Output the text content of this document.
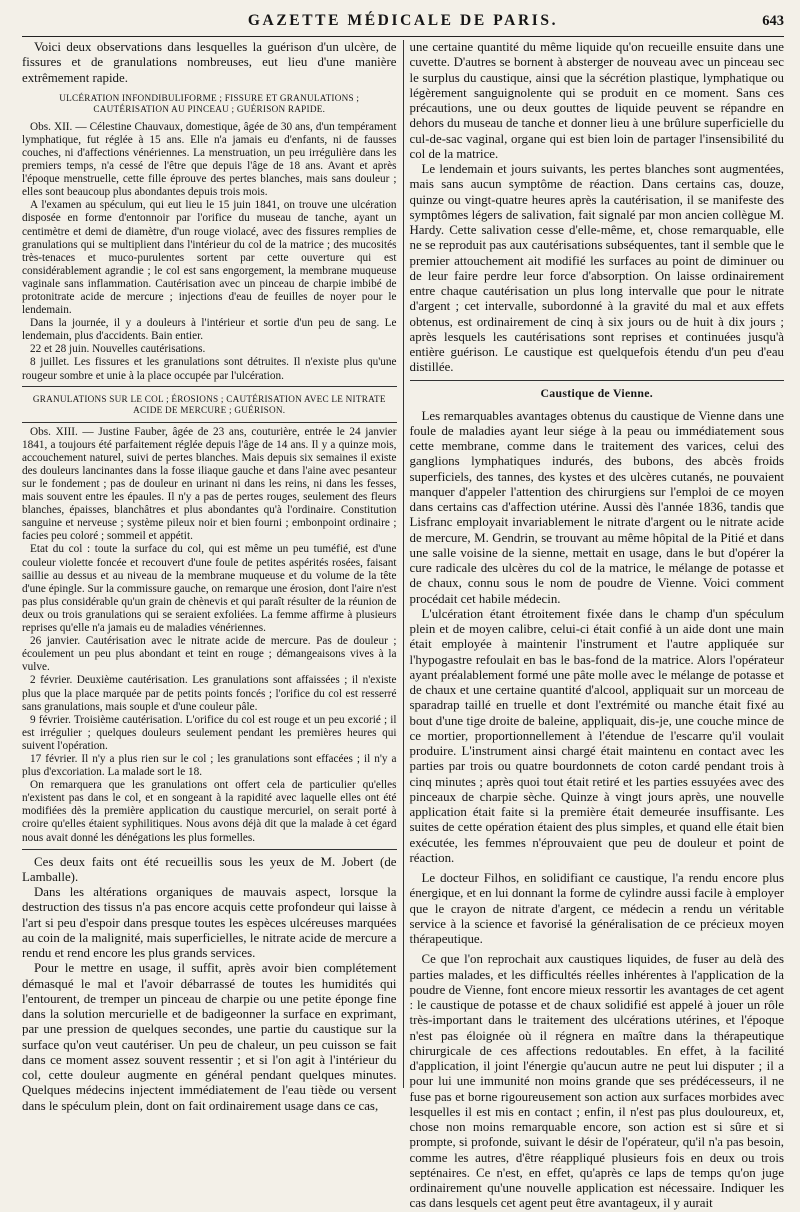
GAZETTE MÉDICALE DE PARIS.	643

Voici deux observations dans lesquelles la guérison d'un ulcère, de fissures et de granulations nombreuses, eut lieu d'une manière extrêmement rapide.

ULCÉRATION INFONDIBULIFORME ; FISSURE ET GRANULATIONS ; CAUTÉRISATION AU PINCEAU ; GUÉRISON RAPIDE.

Obs. XII. — Célestine Chauvaux, domestique, âgée de 30 ans, d'un tempérament lymphatique, fut réglée à 15 ans. Elle n'a jamais eu d'enfants, ni de fausses couches, ni d'affections vénériennes. La menstruation, un peu irrégulière dans les premiers temps, n'a cessé de l'être que depuis l'âge de 18 ans. Avant et après l'époque menstruelle, cette fille éprouve des pertes blanches, mais sans douleur ; elles sont beaucoup plus abondantes depuis trois mois.

A l'examen au spéculum, qui eut lieu le 15 juin 1841, on trouve une ulcération disposée en forme d'entonnoir par l'orifice du museau de tanche, ayant un centimètre et demi de diamètre, d'un rouge violacé, avec des fissures remplies de granulations qui se multiplient dans l'intérieur du col de la matrice ; des mucosités très-tenaces et muco-purulentes sortent par cette ouverture qui est considérablement agrandie ; le col est sans engorgement, la membrane muqueuse vaginale sans inflammation. Cautérisation avec un pinceau de charpie imbibé de protonitrate acide de mercure ; injections d'eau de feuilles de noyer pour le lendemain.

Dans la journée, il y a douleurs à l'intérieur et sortie d'un peu de sang. Le lendemain, plus d'accidents. Bain entier.

22 et 28 juin. Nouvelles cautérisations.

8 juillet. Les fissures et les granulations sont détruites. Il n'existe plus qu'une rougeur sombre et unie à la place occupée par l'ulcération.

GRANULATIONS SUR LE COL ; ÉROSIONS ; CAUTÉRISATION AVEC LE NITRATE ACIDE DE MERCURE ; GUÉRISON.

Obs. XIII. — Justine Fauber, âgée de 23 ans, couturière, entrée le 24 janvier 1841, a toujours été parfaitement réglée depuis l'âge de 14 ans. Il y a quinze mois, accouchement naturel, suivi de pertes blanches. Mais depuis six semaines il existe des douleurs lancinantes dans la fosse iliaque gauche et dans l'aine avec pesanteur sur le fondement ; pas de douleur en urinant ni dans les reins, ni dans les fesses, mais souvent entre les épaules. Il n'y a pas de pertes rouges, seulement des fleurs blanches, épaisses, blanchâtres et plus abondantes qu'à l'ordinaire. Constitution sanguine et nerveuse ; système pileux noir et bien fourni ; embonpoint ordinaire ; facies peu coloré ; sommeil et appétit.

Etat du col : toute la surface du col, qui est même un peu tuméfié, est d'une couleur violette foncée et recouvert d'une foule de petites aspérités rosées, faisant saillie au dessus et au niveau de la membrane muqueuse et du volume de la tête d'une épingle. Sur la commissure gauche, on remarque une érosion, dont l'aire n'est pas plus considérable qu'un grain de chènevis et qui paraît résulter de la réunion de deux ou trois granulations qui se seraient exfoliées. La femme affirme à plusieurs reprises qu'elle n'a jamais eu de maladies vénériennes.

26 janvier. Cautérisation avec le nitrate acide de mercure. Pas de douleur ; écoulement un peu plus abondant et teint en rouge ; démangeaisons vives à la vulve.

2 février. Deuxième cautérisation. Les granulations sont affaissées ; il n'existe plus que la place marquée par de petits points foncés ; l'orifice du col est resserré sans granulations, mais souple et d'une couleur pâle.

9 février. Troisième cautérisation. L'orifice du col est rouge et un peu excorié ; il est irrégulier ; quelques douleurs seulement pendant les premières heures qui suivent l'opération.

17 février. Il n'y a plus rien sur le col ; les granulations sont effacées ; il n'y a plus d'excoriation. La malade sort le 18.

On remarquera que les granulations ont offert cela de particulier qu'elles n'existent pas dans le col, et en songeant à la rapidité avec laquelle elles ont été modifiées dès la première application du caustique mercuriel, on serait porté à croire qu'elles étaient syphilitiques. Nous avons déjà dit que la malade à cet égard nous avait donné les dénégations les plus formelles.

Ces deux faits ont été recueillis sous les yeux de M. Jobert (de Lamballe).

Dans les altérations organiques de mauvais aspect, lorsque la destruction des tissus n'a pas encore acquis cette profondeur qui laisse à l'art si peu d'espoir dans presque toutes les espèces ulcéreuses marquées au coin de la malignité, mais superficielles, le nitrate acide de mercure a rendu et rend encore les plus grands services.

Pour le mettre en usage, il suffit, après avoir bien complétement démasqué le mal et l'avoir débarrassé de toutes les humidités qui l'entourent, de tremper un pinceau de charpie ou une petite éponge fine dans la solution mercurielle et de badigeonner la surface en exprimant, par une pression de quelques secondes, une partie du caustique sur la surface qu'on veut cautériser. Un peu de chaleur, un peu cuisson se fait dans ce moment assez souvent ressentir ; et si l'on agit à l'intérieur du col, cette douleur augmente en général pendant quelques minutes. Quelques médecins injectent immédiatement de l'eau tiède ou versent dans le spéculum plein, dont on fait ordinairement usage dans ce cas,

une certaine quantité du même liquide qu'on recueille ensuite dans une cuvette. D'autres se bornent à absterger de nouveau avec un pinceau sec le surplus du caustique, ainsi que la sécrétion plastique, lymphatique ou légèrement sanguignolente qui se produit en ce moment. Sans ces précautions, une ou deux gouttes de liquide peuvent se répandre en dehors du museau de tanche et donner lieu à une brûlure superficielle du cul-de-sac vaginal, organe qui est bien loin de partager l'insensibilité du col de la matrice.

Le lendemain et jours suivants, les pertes blanches sont augmentées, mais sans aucun symptôme de réaction. Dans certains cas, douze, quinze ou vingt-quatre heures après la cautérisation, il se manifeste des symptômes légers de salivation, fait signalé par mon ancien collègue M. Hardy. Cette salivation cesse d'elle-même, et, chose remarquable, elle ne se reproduit pas aux cautérisations subséquentes, tant il semble que le premier attouchement ait modifié les surfaces au point de diminuer ou de leur faire perdre leur force d'absorption. On laisse ordinairement entre chaque cautérisation un plus long intervalle que pour le nitrate d'argent ; cet intervalle, subordonné à la gravité du mal et aux effets obtenus, est ordinairement de cinq à six jours ou de huit à dix jours ; après lesquels les cautérisations sont reprises et continuées jusqu'à entière guérison. Le caustique est quelquefois étendu d'un peu d'eau distillée.

Caustique de Vienne.

Les remarquables avantages obtenus du caustique de Vienne dans une foule de maladies ayant leur siége à la peau ou immédiatement sous cette membrane, comme dans le traitement des varices, celui des ganglions lymphatiques indurés, des bubons, des abcès froids superficiels, des tannes, des kystes et des ulcères cutanés, ne pouvaient manquer d'appeler l'attention des chirurgiens sur l'emploi de ce moyen dans certains cas d'affection utérine. Aussi dès l'année 1836, tandis que Lisfranc employait invariablement le nitrate d'argent ou le nitrate acide de mercure, M. Gendrin, se trouvant au même hôpital de la Pitié et dans une salle voisine de la sienne, mettait en usage, dans le but d'opérer la cure radicale des ulcères du col de la matrice, le mélange de potasse et de chaux, connu sous le nom de poudre de Vienne. Voici comment procédait cet habile médecin.

L'ulcération étant étroitement fixée dans le champ d'un spéculum plein et de moyen calibre, celui-ci était confié à un aide dont une main était employée à maintenir l'instrument et l'autre appliquée sur l'hypogastre refoulait en bas le bas-fond de la matrice. Alors l'opérateur ayant préalablement formé une pâte molle avec le mélange de potasse et de chaux et une certaine quantité d'alcool, appliquait sur un morceau de sparadrap taillé en truelle et dont l'extrémité ou manche était fixé au bout d'une tige droite de baleine, appliquait, dis-je, une couche mince de ce mortier, proportionnellement à l'étendue de l'escarre qu'il voulait produire. L'instrument ainsi chargé était maintenu en contact avec les parties par trois ou quatre bourdonnets de coton cardé pendant trois à cinq minutes ; après quoi tout était retiré et les parties essuyées avec des pinceaux de charpie sèche. Quinze à vingt jours après, une nouvelle application était faite si la première était demeurée insuffisante. Les suites de cette opération étaient des plus simples, et quand elle était bien exécutée, les femmes n'éprouvaient que peu de douleur et point de réaction.

Le docteur Filhos, en solidifiant ce caustique, l'a rendu encore plus énergique, et en lui donnant la forme de cylindre aussi facile à employer que le crayon de nitrate d'argent, ce médecin a rendu un véritable service à la science et favorisé la généralisation de ce précieux moyen thérapeutique.

Ce que l'on reprochait aux caustiques liquides, de fuser au delà des parties malades, et les difficultés réelles inhérentes à l'application de la poudre de Vienne, font encore mieux ressortir les avantages de cet agent : le caustique de potasse et de chaux solidifié est appelé à jouer un rôle très-important dans le traitement des ulcérations utérines, et l'époque n'est pas éloignée où il régnera en maître dans la thérapeutique chirurgicale de ces affections redoutables. En effet, à la facilité d'application, il joint l'énergie qu'aucun autre ne peut lui disputer ; il a pour lui une immunité non moins grande que ses prédécesseurs, il ne fuse pas et borne rigoureusement son action aux surfaces morbides avec lesquelles il est mis en contact ; enfin, il n'est pas plus douloureux, et, chose non moins remarquable encore, son action est si sûre et si prompte, si profonde, suivant le désir de l'opérateur, qu'il n'a pas besoin, comme les autres, d'être réappliqué plusieurs fois en deux ou trois septénaires. Ce n'est, en effet, qu'après ce laps de temps qu'on juge ordinairement qu'une nouvelle application est nécessaire. Indiquer les cas dans lesquels cet agent peut être avantageux, il y aurait
